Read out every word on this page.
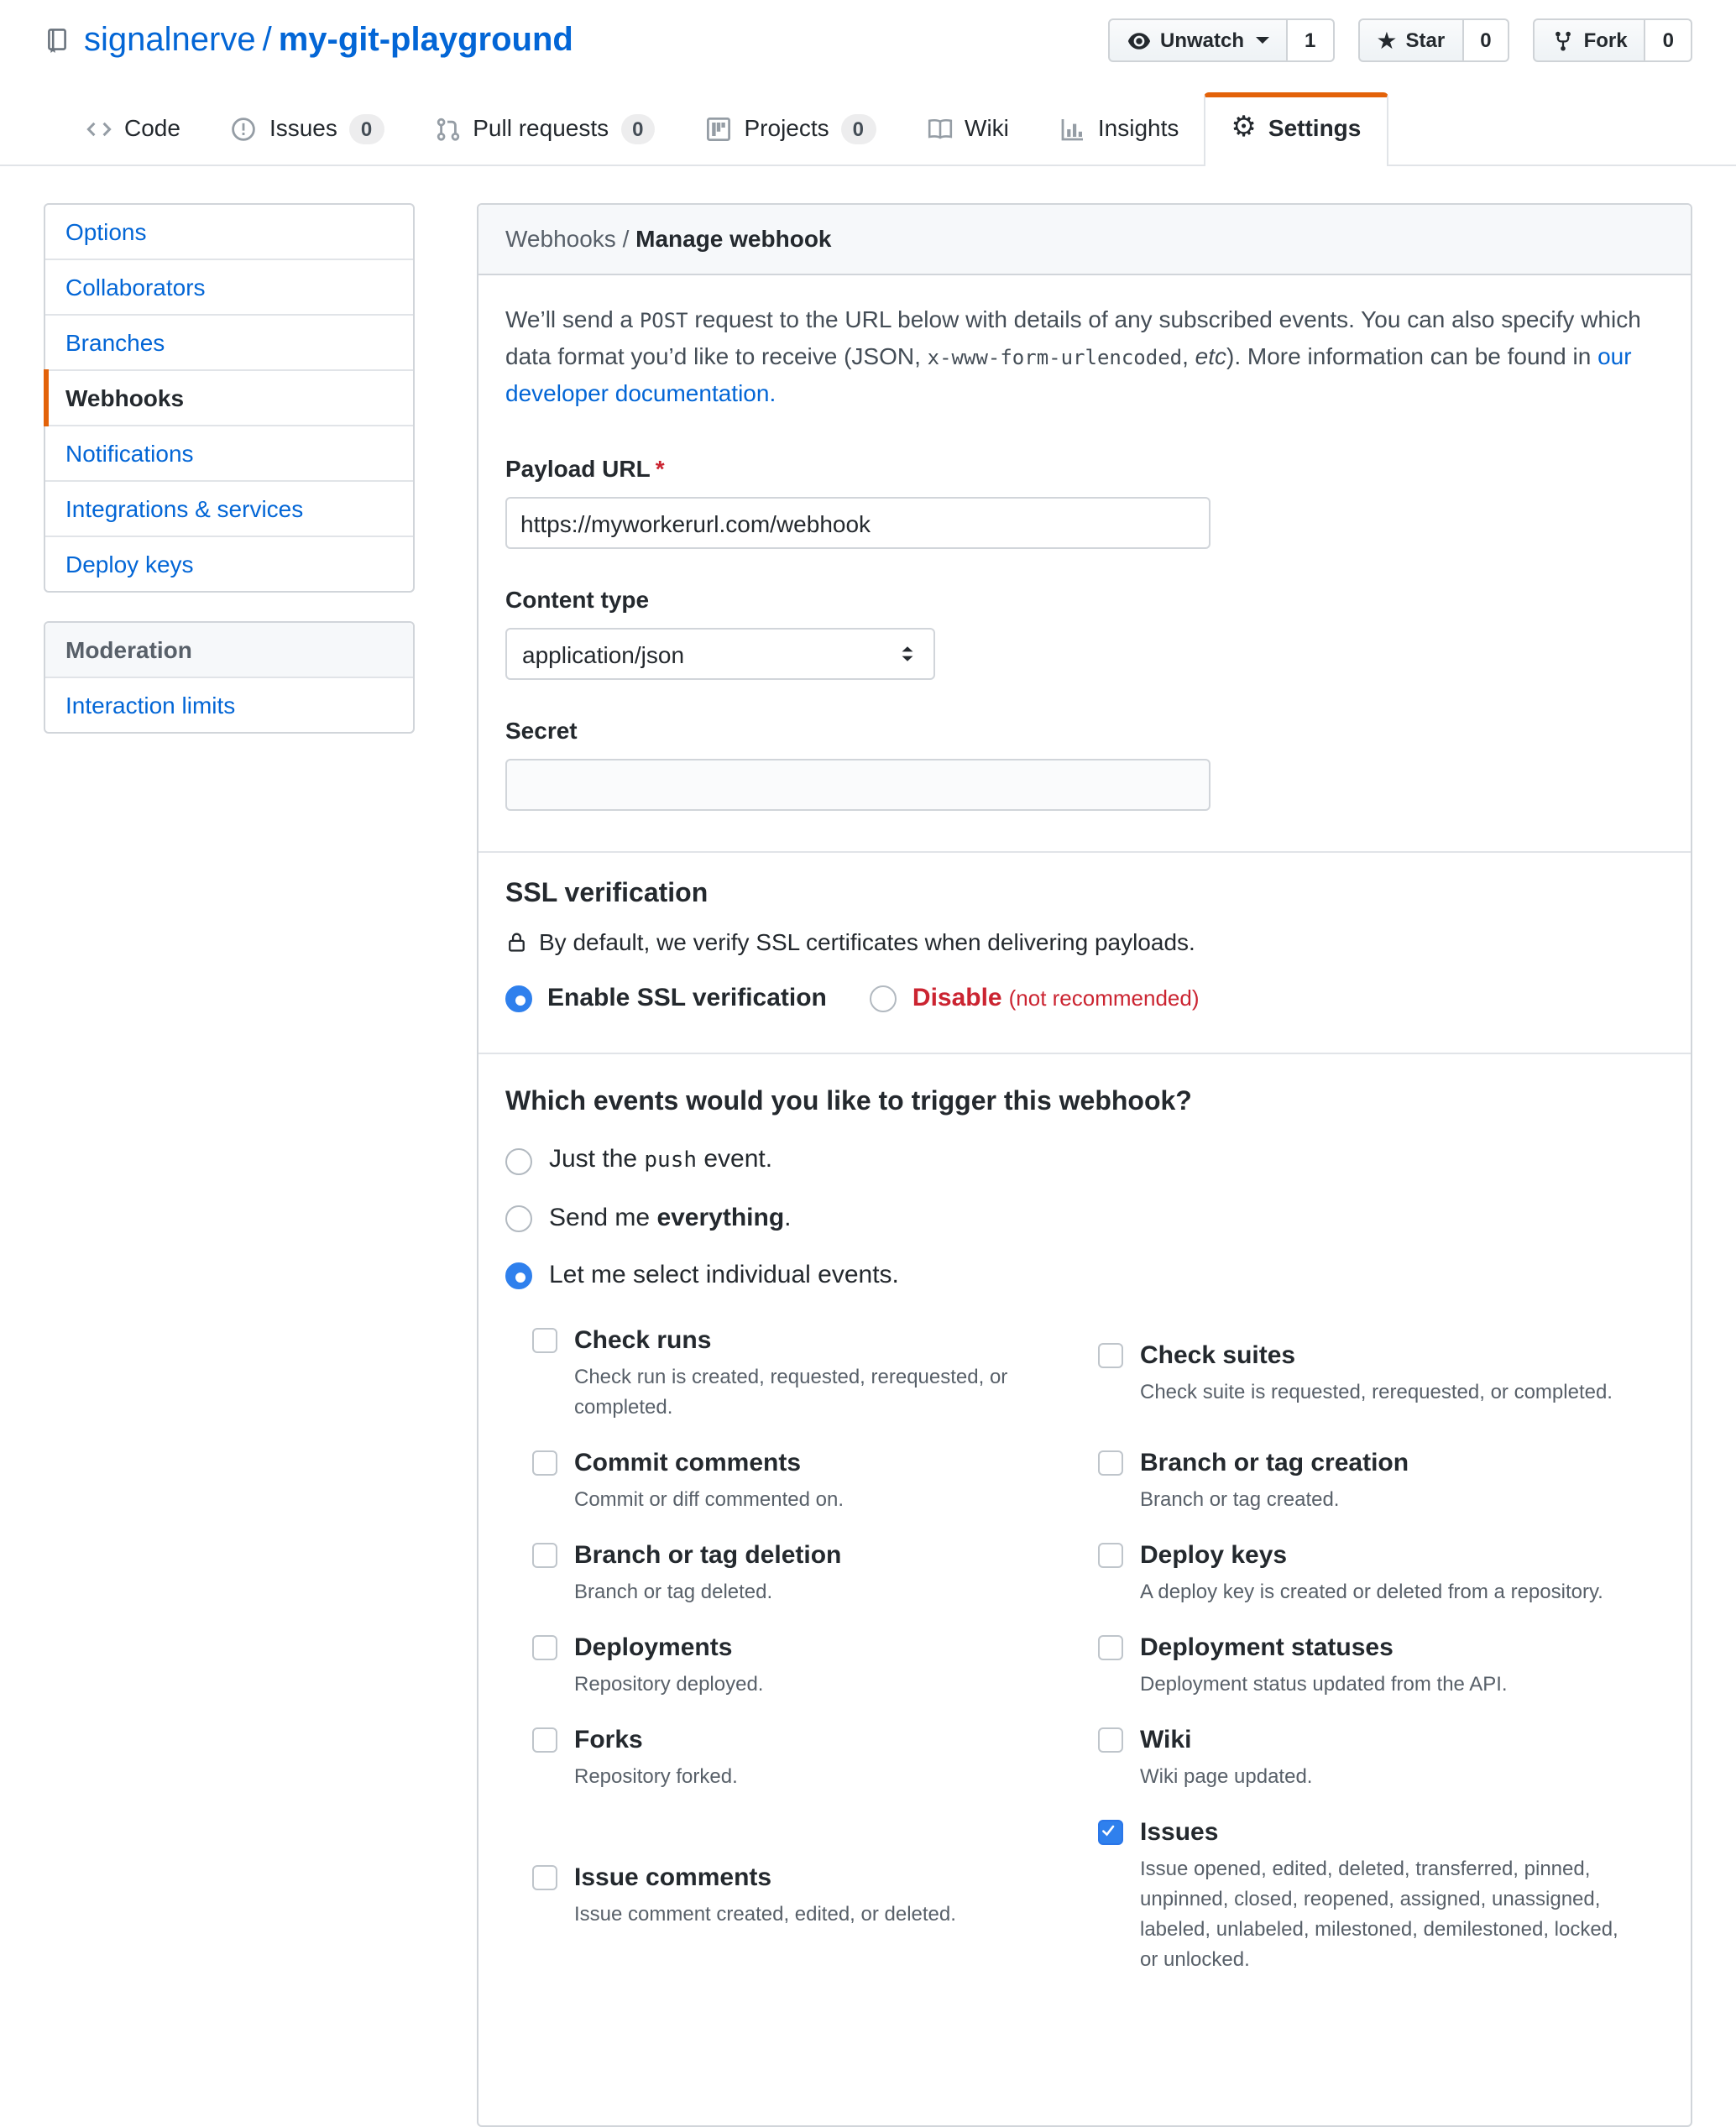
signalnerve / my-git-playground	Unwatch	1	★ Star	0	Fork	0
Code	Issues	0	Pull requests	0	Projects	0	Wiki	Insights	⚙ Settings
Options
Collaborators
Branches
Webhooks
Notifications
Integrations & services
Deploy keys
Moderation
Interaction limits
Webhooks / Manage webhook

We’ll send a POST request to the URL below with details of any subscribed events. You can also specify which data format you’d like to receive (JSON, x-www-form-urlencoded, etc). More information can be found in our developer documentation.

Payload URL *
https://myworkerurl.com/webhook
Content type
application/json
Secret
SSL verification
By default, we verify SSL certificates when delivering payloads.
Enable SSL verification	Disable (not recommended)
Which events would you like to trigger this webhook?
Just the push event.
Send me everything.
Let me select individual events.
Check runs
Check run is created, requested, rerequested, or completed.
Check suites
Check suite is requested, rerequested, or completed.
Commit comments
Commit or diff commented on.
Branch or tag creation
Branch or tag created.
Branch or tag deletion
Branch or tag deleted.
Deploy keys
A deploy key is created or deleted from a repository.
Deployments
Repository deployed.
Deployment statuses
Deployment status updated from the API.
Forks
Repository forked.
Wiki
Wiki page updated.
Issue comments
Issue comment created, edited, or deleted.
Issues
Issue opened, edited, deleted, transferred, pinned, unpinned, closed, reopened, assigned, unassigned, labeled, unlabeled, milestoned, demilestoned, locked, or unlocked.
